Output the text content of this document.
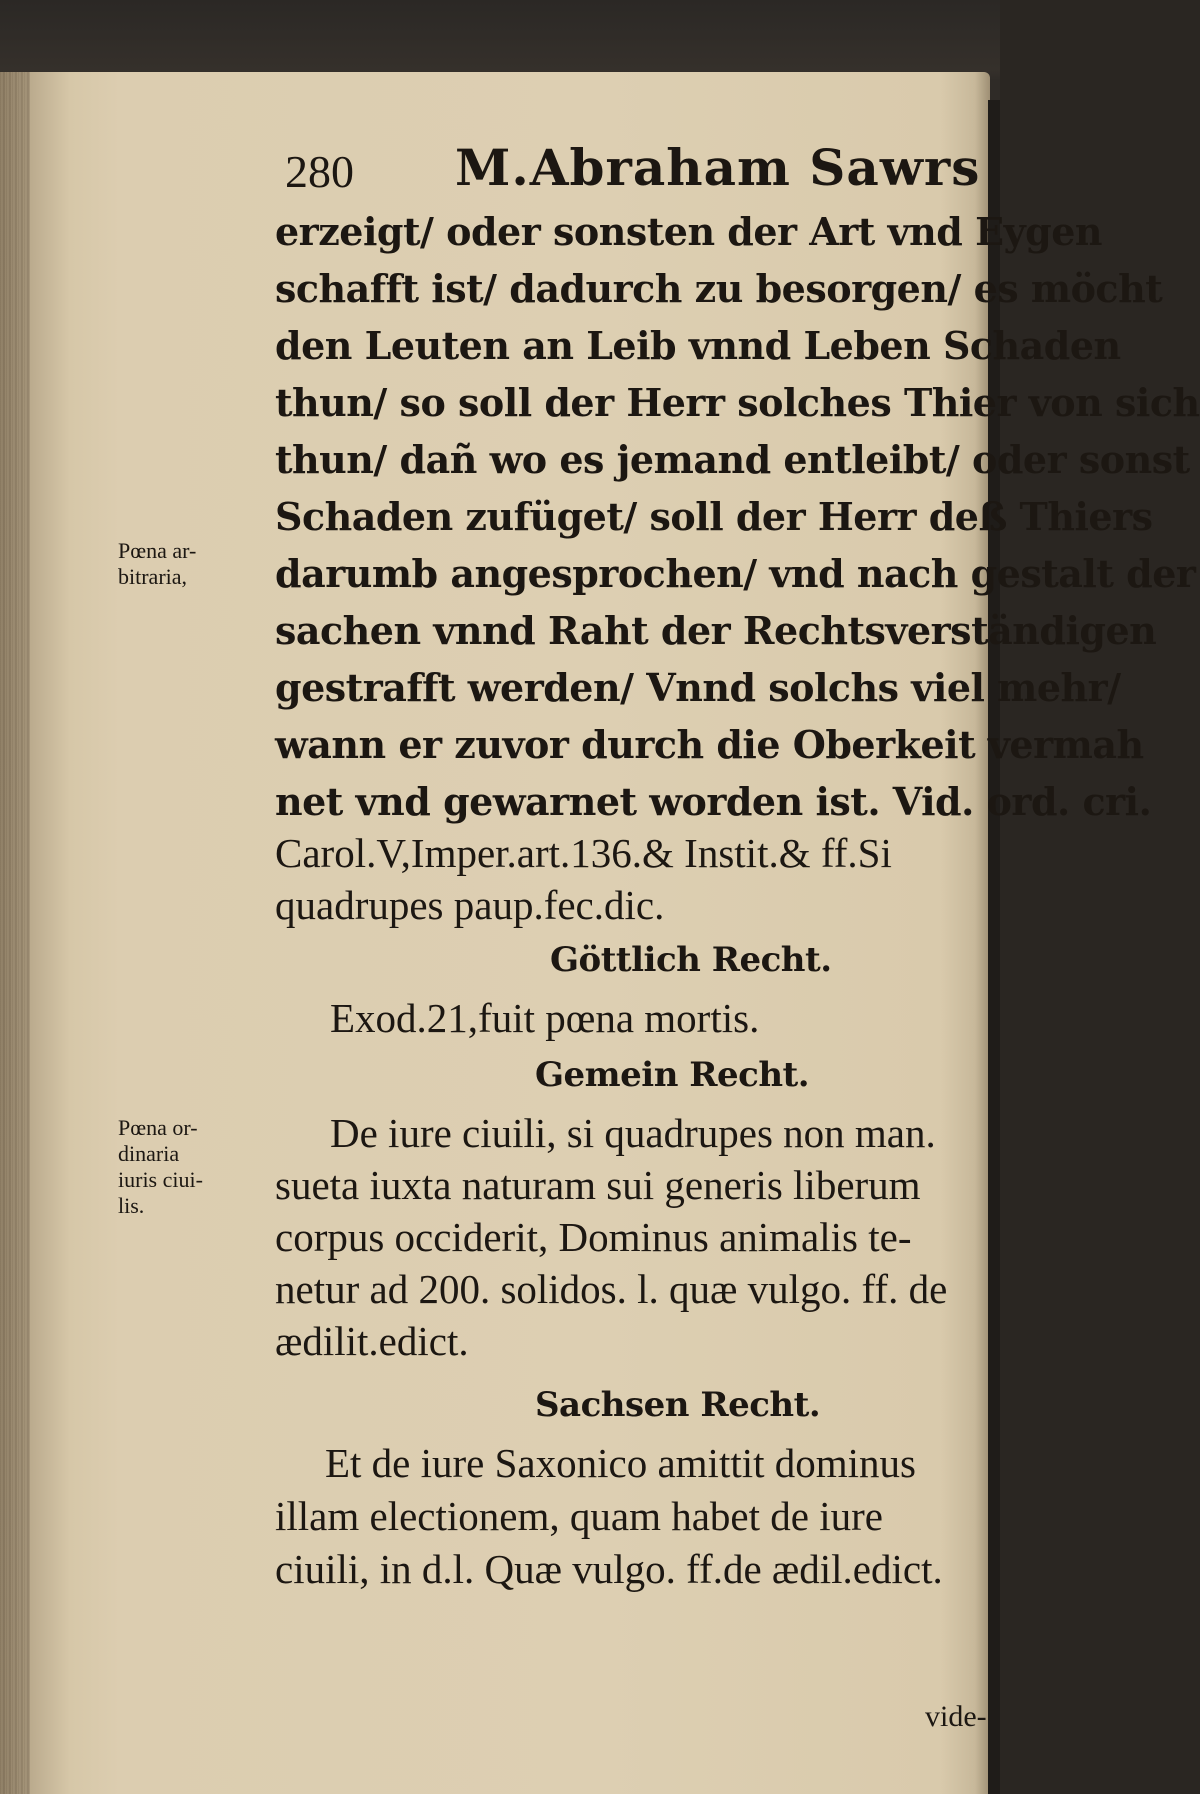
280 M.Abraham Sawrs
Pœna ar-
bitraria,
Pœna or-
dinaria
iuris ciui-
lis.
erzeigt/ oder sonsten der Art vnd Eygen
schafft ist/ dadurch zu besorgen/ es möcht
den Leuten an Leib vnnd Leben Schaden
thun/ so soll der Herr solches Thier von sich
thun/ dañ wo es jemand entleibt/ oder sonst
Schaden zufüget/ soll der Herr deß Thiers
darumb angesprochen/ vnd nach gestalt der
sachen vnnd Raht der Rechtsverständigen
gestrafft werden/ Vnnd solchs viel mehr/
wann er zuvor durch die Oberkeit vermah
net vnd gewarnet worden ist. Vid. ord. cri.
Carol.V,Imper.art.136.& Instit.& ff.Si
quadrupes paup.fec.dic.
Göttlich Recht.
Exod.21,fuit pœna mortis.
Gemein Recht.
De iure ciuili, si quadrupes non man.
sueta iuxta naturam sui generis liberum
corpus occiderit, Dominus animalis te-
netur ad 200. solidos. l. quæ vulgo. ff. de
ædilit.edict.
Sachsen Recht.
Et de iure Saxonico amittit dominus
illam electionem, quam habet de iure
ciuili, in d.l. Quæ vulgo. ff.de ædil.edict.
vide-
